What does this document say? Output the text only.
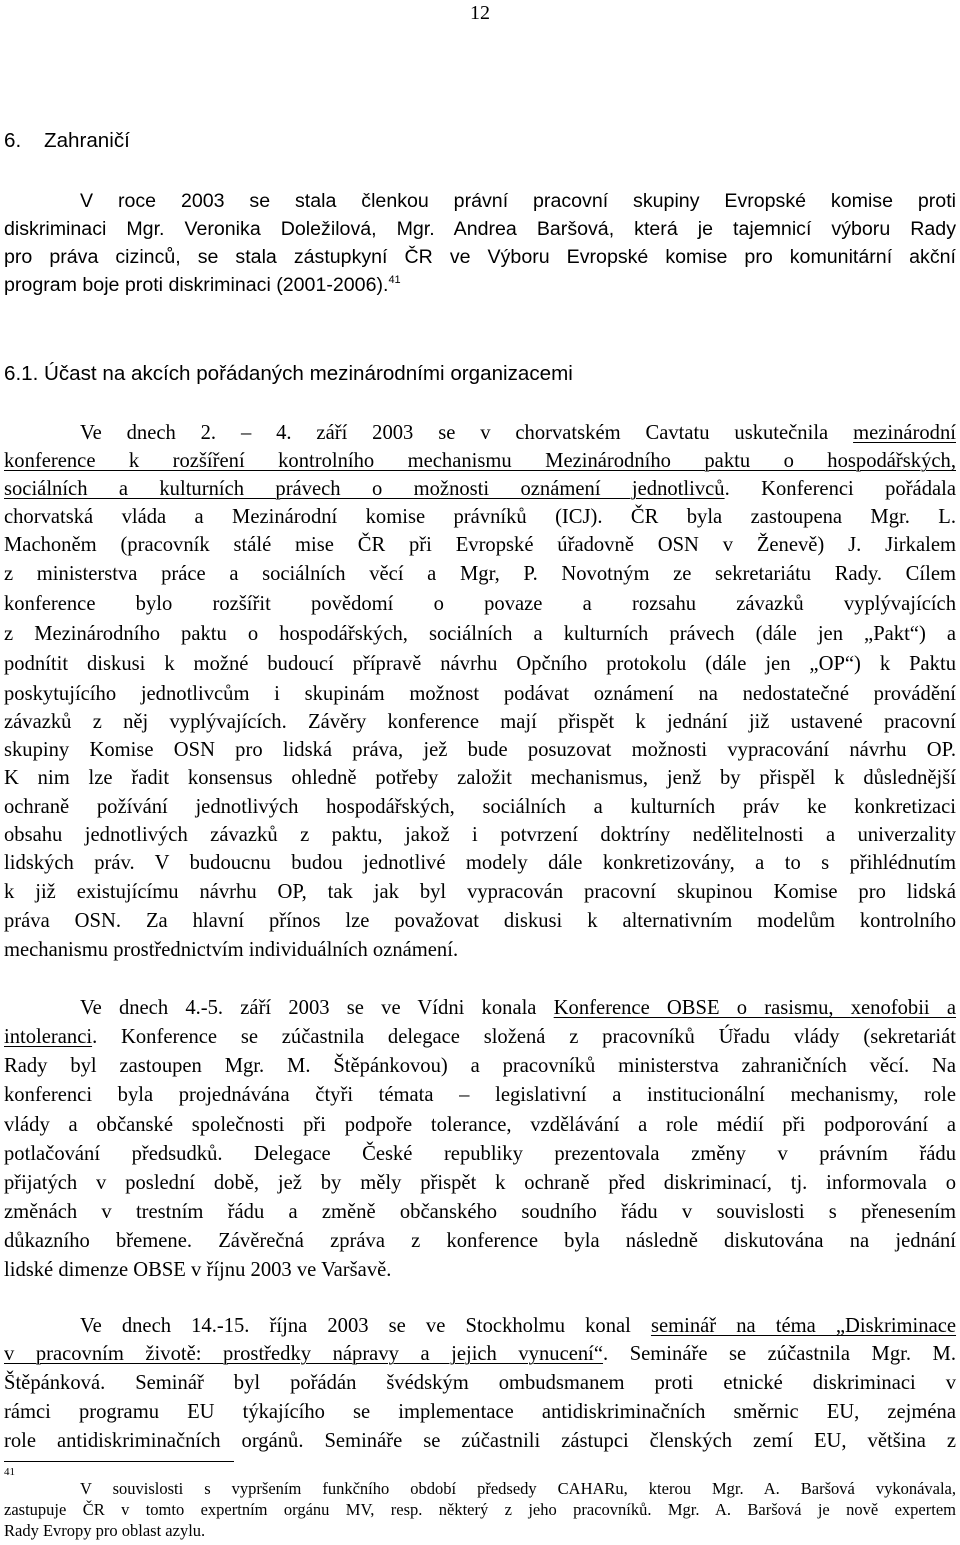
12
6. Zahraničí
V roce 2003 se stala členkou právní pracovní skupiny Evropské komise proti
diskriminaci Mgr. Veronika Doležilová, Mgr. Andrea Baršová, která je tajemnicí výboru Rady
pro práva cizinců, se stala zástupkyní ČR ve Výboru Evropské komise pro komunitární akční
program boje proti diskriminaci (2001-2006).$^{41}$
6.1. Účast na akcích pořádaných mezinárodními organizacemi
Ve dnech 2. – 4. září 2003 se v chorvatském Cavtatu uskutečnila mezinárodní
konference k rozšíření kontrolního mechanismu Mezinárodního paktu o hospodářských,
sociálních a kulturních právech o možnosti oznámení jednotlivců. Konferenci pořádala
chorvatská vláda a Mezinárodní komise právníků (ICJ). ČR byla zastoupena Mgr. L.
Machoněm (pracovník stálé mise ČR při Evropské úřadovně OSN v Ženevě) J. Jirkalem
z ministerstva práce a sociálních věcí a Mgr, P. Novotným ze sekretariátu Rady. Cílem
konference bylo rozšířit povědomí o povaze a rozsahu závazků vyplývajících
z Mezinárodního paktu o hospodářských, sociálních a kulturních právech (dále jen „Pakt“) a
podnítit diskusi k možné budoucí přípravě návrhu Opčního protokolu (dále jen „OP“) k Paktu
poskytujícího jednotlivcům i skupinám možnost podávat oznámení na nedostatečné provádění
závazků z něj vyplývajících. Závěry konference mají přispět k jednání již ustavené pracovní
skupiny Komise OSN pro lidská práva, jež bude posuzovat možnosti vypracování návrhu OP.
K nim lze řadit konsensus ohledně potřeby založit mechanismus, jenž by přispěl k důslednější
ochraně požívání jednotlivých hospodářských, sociálních a kulturních práv ke konkretizaci
obsahu jednotlivých závazků z paktu, jakož i potvrzení doktríny nedělitelnosti a univerzality
lidských práv. V budoucnu budou jednotlivé modely dále konkretizovány, a to s přihlédnutím
k již existujícímu návrhu OP, tak jak byl vypracován pracovní skupinou Komise pro lidská
práva OSN. Za hlavní přínos lze považovat diskusi k alternativním modelům kontrolního
mechanismu prostřednictvím individuálních oznámení.
Ve dnech 4.-5. září 2003 se ve Vídni konala Konference OBSE o rasismu, xenofobii a
intoleranci. Konference se zúčastnila delegace složená z pracovníků Úřadu vlády (sekretariát
Rady byl zastoupen Mgr. M. Štěpánkovou) a pracovníků ministerstva zahraničních věcí. Na
konferenci byla projednávána čtyři témata – legislativní a institucionální mechanismy, role
vlády a občanské společnosti při podpoře tolerance, vzdělávání a role médií při podporování a
potlačování předsudků. Delegace České republiky prezentovala změny v právním řádu
přijatých v poslední době, jež by měly přispět k ochraně před diskriminací, tj. informovala o
změnách v trestním řádu a změně občanského soudního řádu v souvislosti s přenesením
důkazního břemene. Závěrečná zpráva z konference byla následně diskutována na jednání
lidské dimenze OBSE v říjnu 2003 ve Varšavě.
Ve dnech 14.-15. října 2003 se ve Stockholmu konal seminář na téma „Diskriminace
v pracovním životě: prostředky nápravy a jejich vynucení“. Semináře se zúčastnila Mgr. M.
Štěpánková. Seminář byl pořádán švédským ombudsmanem proti etnické diskriminaci v
rámci programu EU týkajícího se implementace antidiskriminačních směrnic EU, zejména
role antidiskriminačních orgánů. Semináře se zúčastnili zástupci členských zemí EU, většina z
41
V souvislosti s vypršením funkčního období předsedy CAHARu, kterou Mgr. A. Baršová vykonávala,
zastupuje ČR v tomto expertním orgánu MV, resp. některý z jeho pracovníků. Mgr. A. Baršová je nově expertem
Rady Evropy pro oblast azylu.
